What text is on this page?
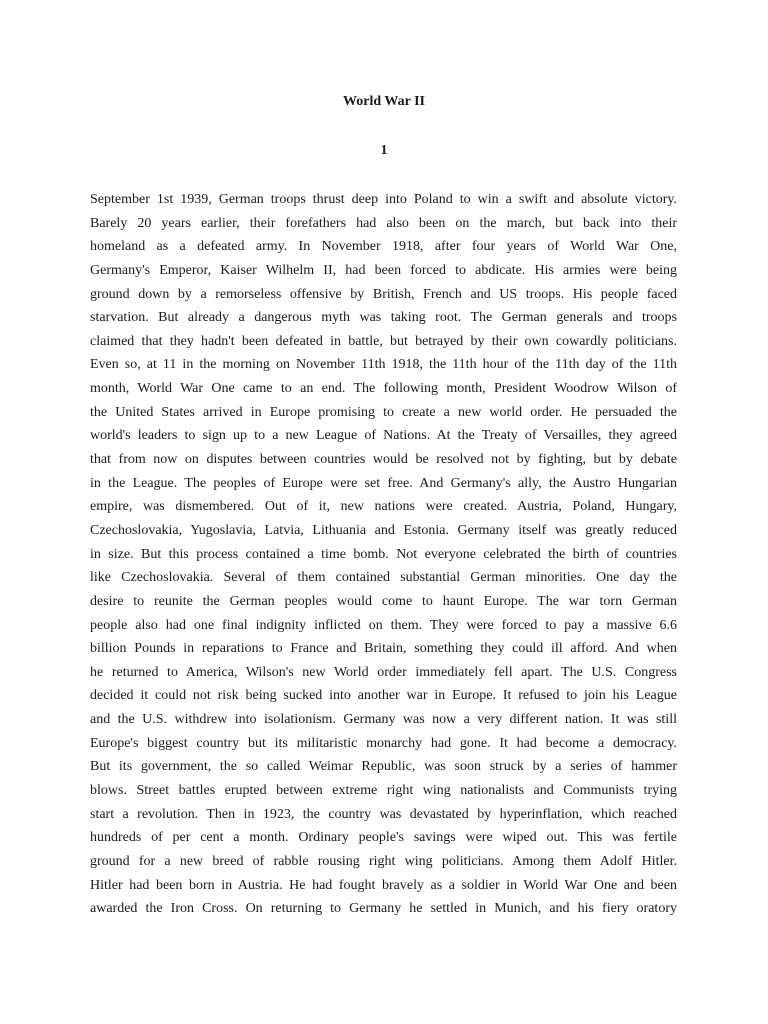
World War II
1
September 1st 1939, German troops thrust deep into Poland to win a swift and absolute victory.
Barely 20 years earlier, their forefathers had also been on the march, but back into their
homeland as a defeated army. In November 1918, after four years of World War One,
Germany's Emperor, Kaiser Wilhelm II, had been forced to abdicate. His armies were being
ground down by a remorseless offensive by British, French and US troops. His people faced
starvation. But already a dangerous myth was taking root. The German generals and troops
claimed that they hadn't been defeated in battle, but betrayed by their own cowardly politicians.
Even so, at 11 in the morning on November 11th 1918, the 11th hour of the 11th day of the 11th
month, World War One came to an end. The following month, President Woodrow Wilson of
the United States arrived in Europe promising to create a new world order. He persuaded the
world's leaders to sign up to a new League of Nations. At the Treaty of Versailles, they agreed
that from now on disputes between countries would be resolved not by fighting, but by debate
in the League. The peoples of Europe were set free. And Germany's ally, the Austro Hungarian
empire, was dismembered. Out of it, new nations were created. Austria, Poland, Hungary,
Czechoslovakia, Yugoslavia, Latvia, Lithuania and Estonia. Germany itself was greatly reduced
in size. But this process contained a time bomb. Not everyone celebrated the birth of countries
like Czechoslovakia. Several of them contained substantial German minorities. One day the
desire to reunite the German peoples would come to haunt Europe. The war torn German
people also had one final indignity inflicted on them. They were forced to pay a massive 6.6
billion Pounds in reparations to France and Britain, something they could ill afford. And when
he returned to America, Wilson's new World order immediately fell apart. The U.S. Congress
decided it could not risk being sucked into another war in Europe. It refused to join his League
and the U.S. withdrew into isolationism. Germany was now a very different nation. It was still
Europe's biggest country but its militaristic monarchy had gone. It had become a democracy.
But its government, the so called Weimar Republic, was soon struck by a series of hammer
blows. Street battles erupted between extreme right wing nationalists and Communists trying
start a revolution. Then in 1923, the country was devastated by hyperinflation, which reached
hundreds of per cent a month. Ordinary people's savings were wiped out. This was fertile
ground for a new breed of rabble rousing right wing politicians. Among them Adolf Hitler.
Hitler had been born in Austria. He had fought bravely as a soldier in World War One and been
awarded the Iron Cross. On returning to Germany he settled in Munich, and his fiery oratory
